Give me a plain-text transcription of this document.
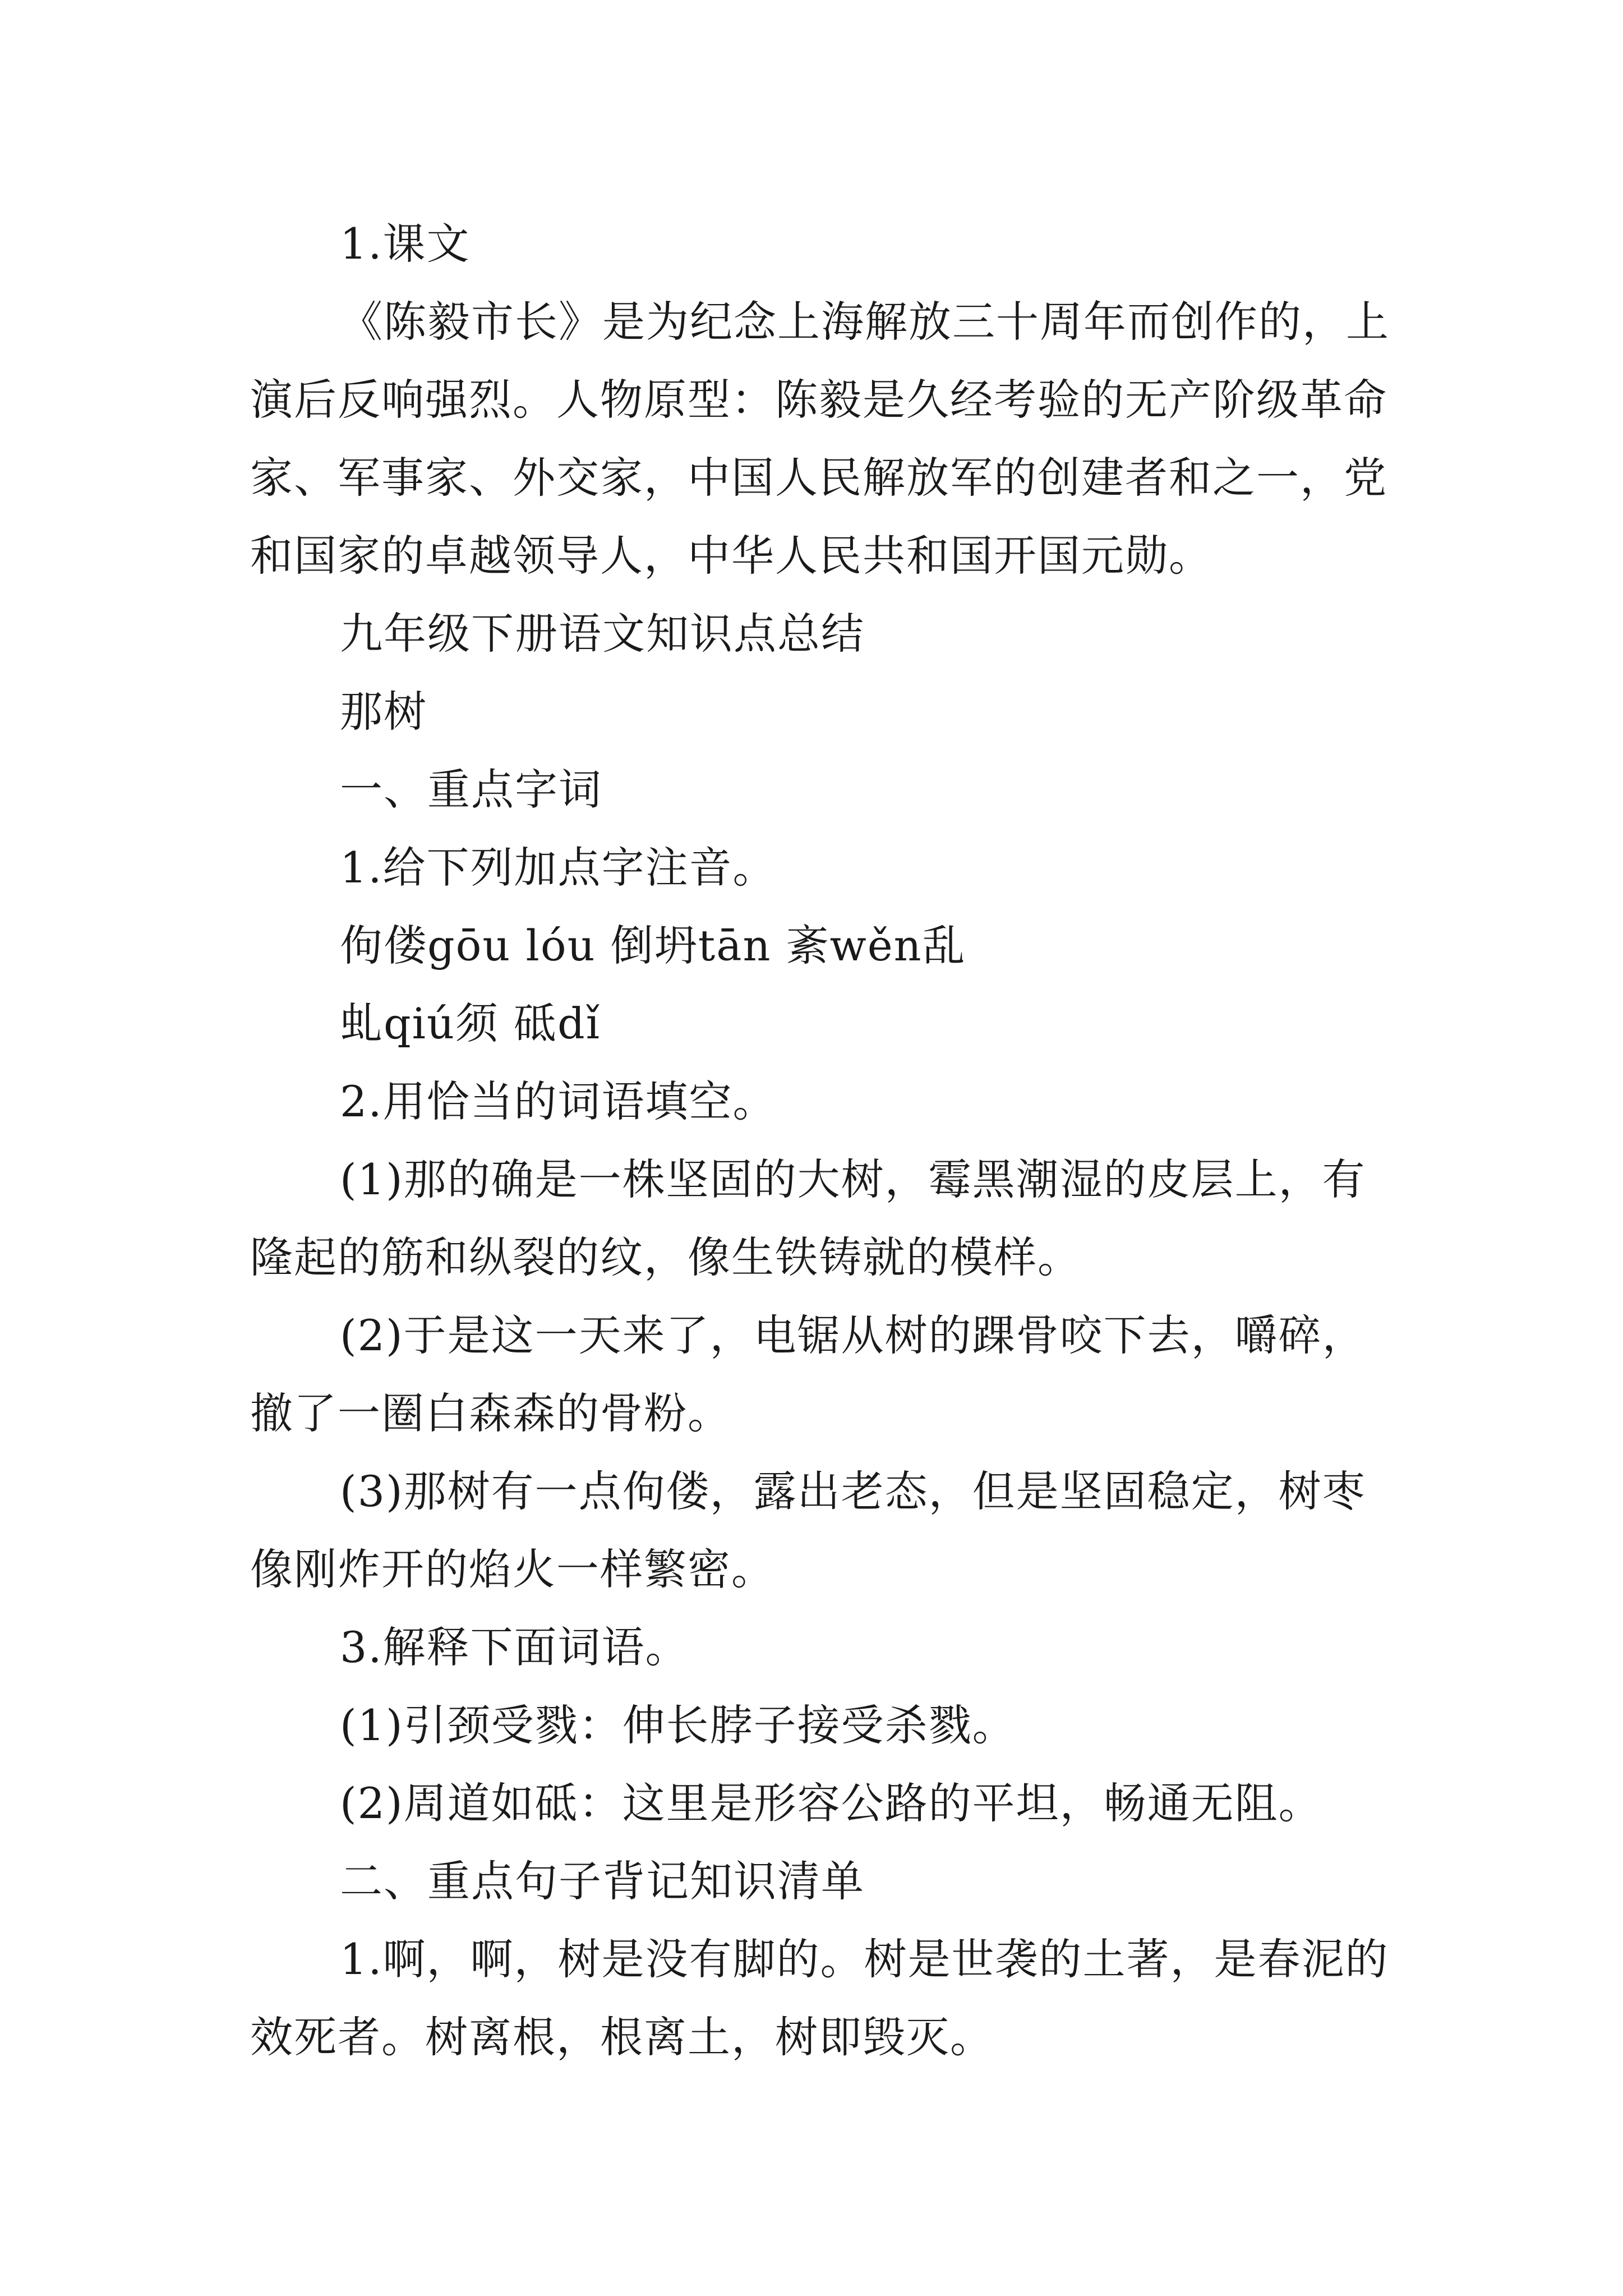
1.课文
《陈毅市长》是为纪念上海解放三十周年而创作的，上
演后反响强烈。人物原型：陈毅是久经考验的无产阶级革命
家、军事家、外交家，中国人民解放军的创建者和之一，党
和国家的卓越领导人，中华人民共和国开国元勋。
九年级下册语文知识点总结
那树
一、重点字词
1.给下列加点字注音。
佝偻gōu lóu 倒坍tān 紊wěn乱
虬qiú须 砥dǐ
2.用恰当的词语填空。
(1)那的确是一株坚固的大树，霉黑潮湿的皮层上，有
隆起的筋和纵裂的纹，像生铁铸就的模样。
(2)于是这一天来了，电锯从树的踝骨咬下去，嚼碎，
撤了一圈白森森的骨粉。
(3)那树有一点佝偻，露出老态，但是坚固稳定，树枣
像刚炸开的焰火一样繁密。
3.解释下面词语。
(1)引颈受戮：伸长脖子接受杀戮。
(2)周道如砥：这里是形容公路的平坦，畅通无阻。
二、重点句子背记知识清单
1.啊，啊，树是没有脚的。树是世袭的土著，是春泥的
效死者。树离根，根离土，树即毁灭。
